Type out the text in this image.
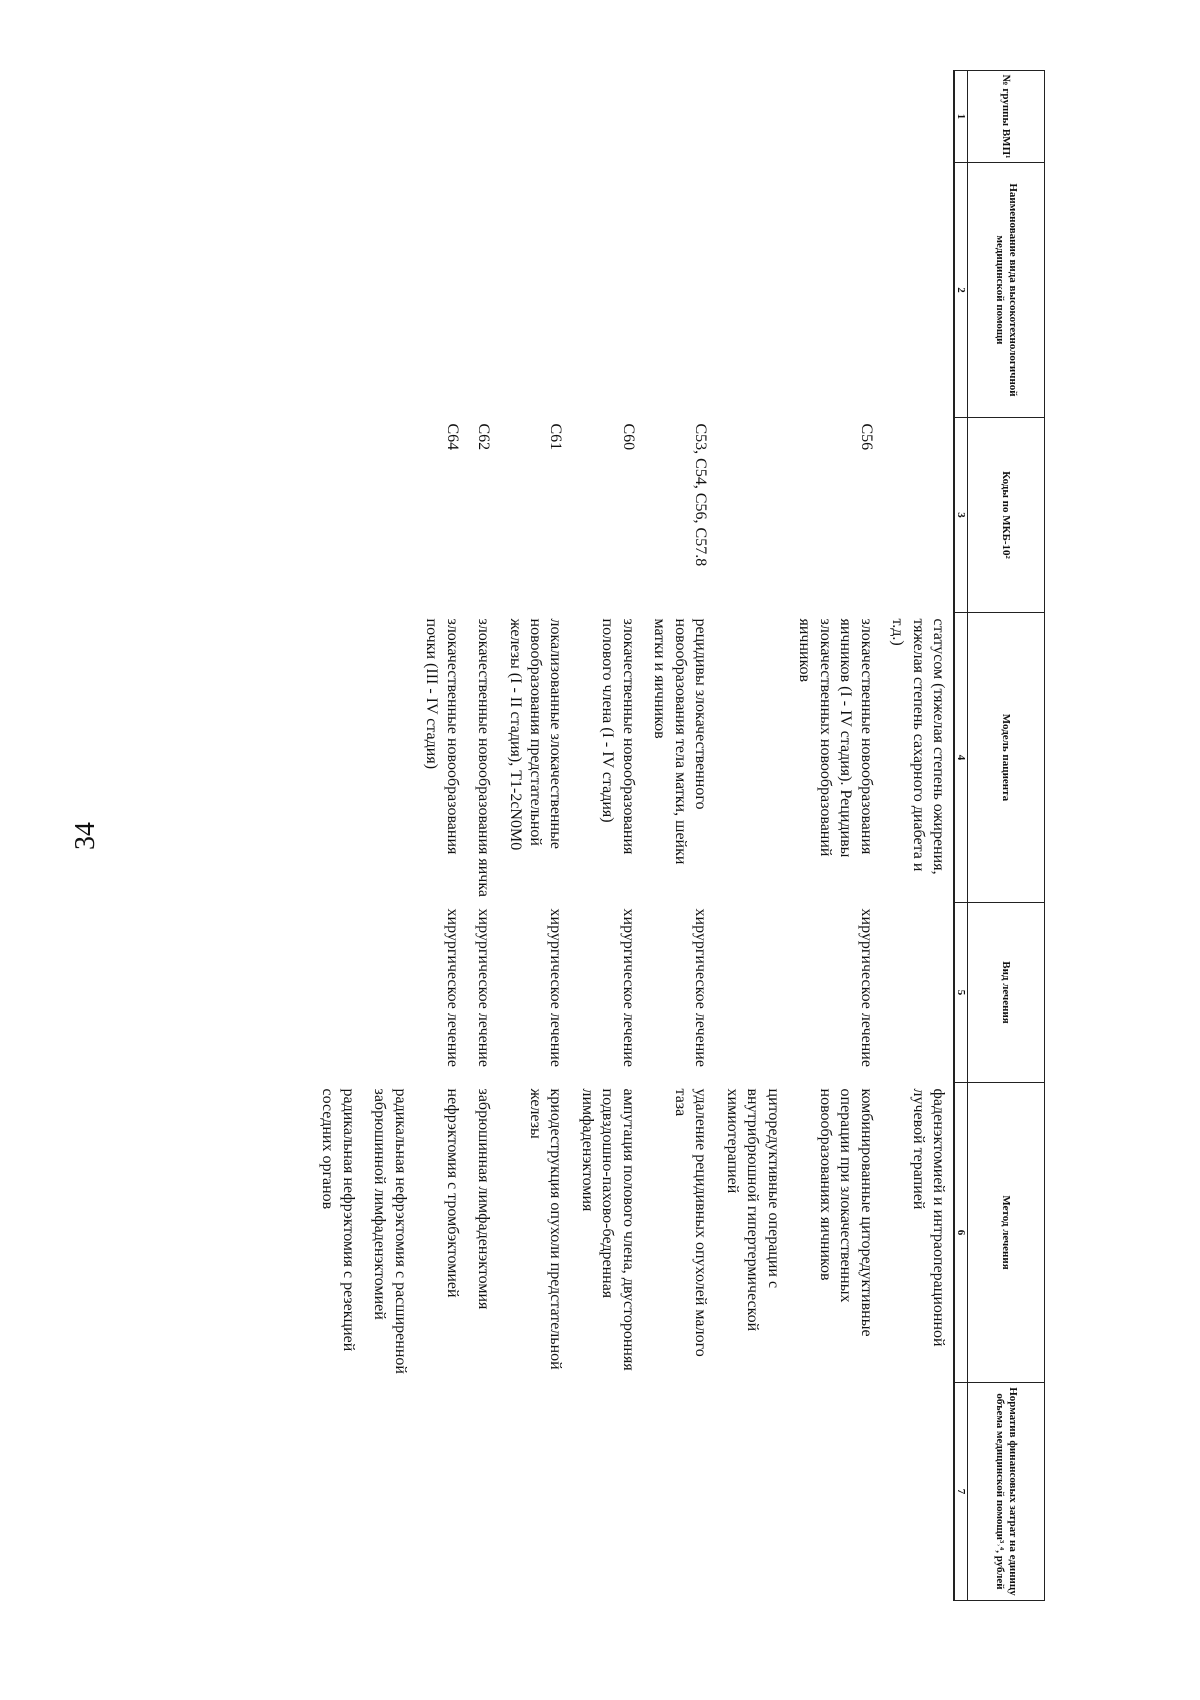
34
№ группы ВМП¹	Наименование вида высокотехнологичной медицинской помощи	Коды по МКБ-10²	Модель пациента	Вид лечения	Метод лечения	Норматив финансовых затрат на единицу объема медицинской помощи³˒⁴, рублей
1	2	3	4	5	6	7
			статусом (тяжелая степень ожирения, тяжелая степень сахарного диабета и т.д.)		фаденэктомией и интраоперационной лучевой терапией	
		C56	злокачественные новообразования яичников (I - IV стадия). Рецидивы злокачественных новообразований яичников	хирургическое лечение	комбинированные циторедуктивные операции при злокачественных новообразованиях яичников	
					циторедуктивные операции с внутрибрюшной гипертермической химиотерапией	
		C53, C54, C56, C57.8	рецидивы злокачественного новообразования тела матки, шейки матки и яичников	хирургическое лечение	удаление рецидивных опухолей малого таза	
		C60	злокачественные новообразования полового члена (I - IV стадия)	хирургическое лечение	ампутация полового члена, двусторонняя подвздошно-пахово-бедренная лимфаденэктомия	
		C61	локализованные злокачественные новообразования предстательной железы (I - II стадия), T1-2cN0M0	хирургическое лечение	криодеструкция опухоли предстательной железы	
		C62	злокачественные новообразования яичка	хирургическое лечение	забрюшинная лимфаденэктомия	
		C64	злокачественные новообразования почки (III - IV стадия)	хирургическое лечение	нефрэктомия с тромбэктомией	
					радикальная нефрэктомия с расширенной забрюшинной лимфаденэктомией	
					радикальная нефрэктомия с резекцией соседних органов	
